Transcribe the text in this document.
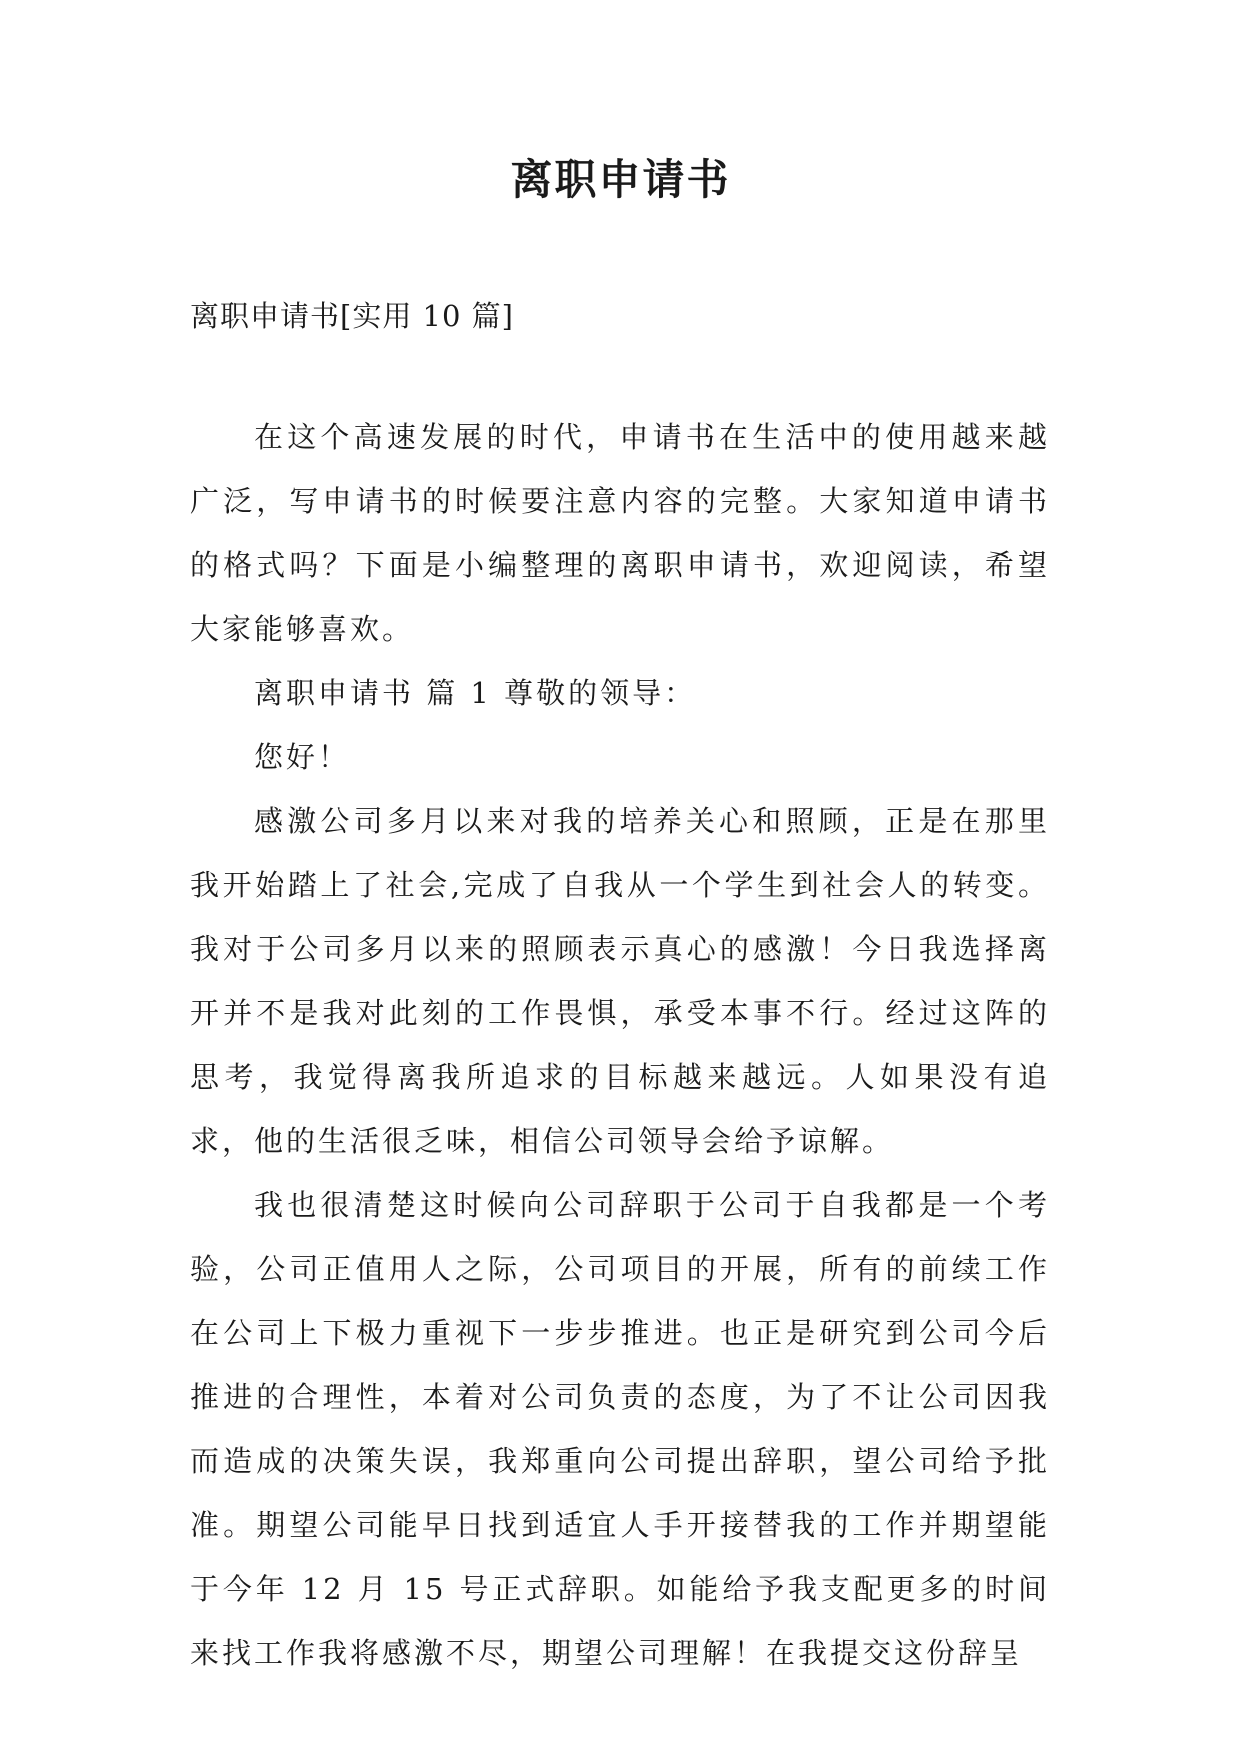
离职申请书
离职申请书[实用 10 篇]

在这个高速发展的时代，申请书在生活中的使用越来越广泛，写申请书的时候要注意内容的完整。大家知道申请书的格式吗？下面是小编整理的离职申请书，欢迎阅读，希望大家能够喜欢。

离职申请书 篇 1 尊敬的领导：

您好！

感激公司多月以来对我的培养关心和照顾，正是在那里我开始踏上了社会,完成了自我从一个学生到社会人的转变。我对于公司多月以来的照顾表示真心的感激！今日我选择离开并不是我对此刻的工作畏惧，承受本事不行。经过这阵的思考，我觉得离我所追求的目标越来越远。人如果没有追求，他的生活很乏味，相信公司领导会给予谅解。

我也很清楚这时候向公司辞职于公司于自我都是一个考验，公司正值用人之际，公司项目的开展，所有的前续工作在公司上下极力重视下一步步推进。也正是研究到公司今后推进的合理性，本着对公司负责的态度，为了不让公司因我而造成的决策失误，我郑重向公司提出辞职，望公司给予批准。期望公司能早日找到适宜人手开接替我的工作并期望能于今年 12 月 15 号正式辞职。如能给予我支配更多的时间来找工作我将感激不尽，期望公司理解！在我提交这份辞呈
